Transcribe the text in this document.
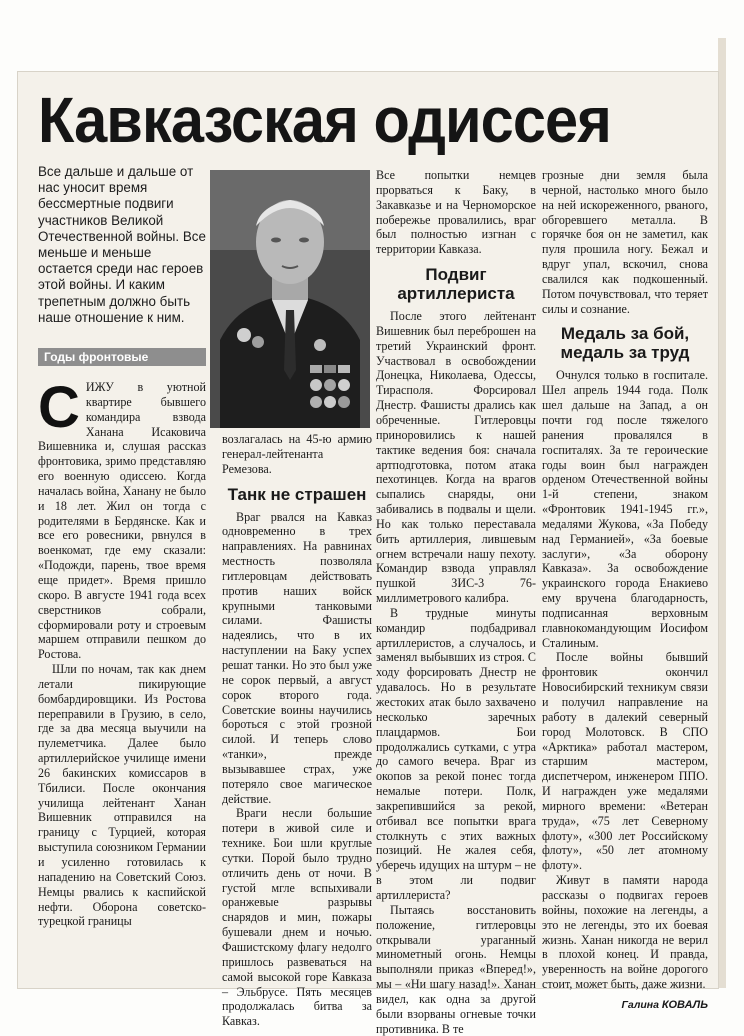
Кавказская одиссея

Все дальше и дальше от нас уносит время бессмертные подвиги участников Великой Отечественной войны. Все меньше и меньше остается среди нас героев этой войны. И каким трепетным должно быть наше отношение к ним.

Годы фронтовые
С ИЖУ в уютной квартире бывшего командира взвода Ханана Исаковича Вишевника и, слушая рассказ фронтовика, зримо представляю его военную одиссею. Когда началась война, Ханану не было и 18 лет. Жил он тогда с родителями в Бердянске. Как и все его ровесники, рвнулся в военкомат, где ему сказали: «Подожди, парень, твое время еще придет». Время пришло скоро. В августе 1941 года всех сверстников собрали, сформировали роту и строевым маршем отправили пешком до Ростова.

Шли по ночам, так как днем летали пикирующие бомбардировщики. Из Ростова переправили в Грузию, в село, где за два месяца выучили на пулеметчика. Далее было артиллерийское училище имени 26 бакинских комиссаров в Тбилиси. После окончания училища лейтенант Ханан Вишевник отправился на границу с Турцией, которая выступила союзником Германии и усиленно готовилась к нападению на Советский Союз. Немцы рвались к каспийской нефти. Оборона советско-турецкой границы

возлагалась на 45-ю армию генерал-лейтенанта Ремезова.

Танк не страшен

Враг рвался на Кавказ одновременно в трех направлениях. На равнинах местность позволяла гитлеровцам действовать против наших войск крупными танковыми силами. Фашисты надеялись, что в их наступлении на Баку успех решат танки. Но это был уже не сорок первый, а август сорок второго года. Советские воины научились бороться с этой грозной силой. И теперь слово «танки», прежде вызывавшее страх, уже потеряло свое магическое действие.

Враги несли большие потери в живой силе и технике. Бои шли круглые сутки. Порой было трудно отличить день от ночи. В густой мгле вспыхивали оранжевые разрывы снарядов и мин, пожары бушевали днем и ночью. Фашистскому флагу недолго пришлось развеваться на самой высокой горе Кавказа – Эльбрусе. Пять месяцев продолжалась битва за Кавказ.

Все попытки немцев прорваться к Баку, в Закавказье и на Черноморское побережье провалились, враг был полностью изгнан с территории Кавказа.

Подвиг артиллериста

После этого лейтенант Вишевник был переброшен на третий Украинский фронт. Участвовал в освобождении Донецка, Николаева, Одессы, Тирасполя. Форсировал Днестр. Фашисты дрались как обреченные. Гитлеровцы приноровились к нашей тактике ведения боя: сначала артподготовка, потом атака пехотинцев. Когда на врагов сыпались снаряды, они забивались в подвалы и щели. Но как только переставала бить артиллерия, лившевым огнем встречали нашу пехоту. Командир взвода управлял пушкой ЗИС-3 76-миллиметрового калибра.

В трудные минуты командир подбадривал артиллеристов, а случалось, и заменял выбывших из строя. С ходу форсировать Днестр не удавалось. Но в результате жестоких атак было захвачено несколько заречных плацдармов. Бои продолжались сутками, с утра до самого вечера. Враг из окопов за рекой понес тогда немалые потери. Полк, закрепившийся за рекой, отбивал все попытки врага столкнуть с этих важных позиций. Не жалея себя, уберечь идущих на штурм – не в этом ли подвиг артиллериста?

Пытаясь восстановить положение, гитлеровцы открывали ураганный минометный огонь. Немцы выполняли приказ «Вперед!», мы – «Ни шагу назад!». Ханан видел, как одна за другой были взорваны огневые точки противника. В те

грозные дни земля была черной, настолько много было на ней искореженного, рваного, обгоревшего металла. В горячке боя он не заметил, как пуля прошила ногу. Бежал и вдруг упал, вскочил, снова свалился как подкошенный. Потом почувствовал, что теряет силы и сознание.

Медаль за бой, медаль за труд

Очнулся только в госпитале. Шел апрель 1944 года. Полк шел дальше на Запад, а он почти год после тяжелого ранения провалялся в госпиталях. За те героические годы воин был награжден орденом Отечественной войны 1-й степени, знаком «Фронтовик 1941-1945 гг.», медалями Жукова, «За Победу над Германией», «За боевые заслуги», «За оборону Кавказа». За освобождение украинского города Енакиево ему вручена благодарность, подписанная верховным главнокомандующим Иосифом Сталиным.

После войны бывший фронтовик окончил Новосибирский техникум связи и получил направление на работу в далекий северный город Молотовск. В СПО «Арктика» работал мастером, старшим мастером, диспетчером, инженером ППО. И награжден уже медалями мирного времени: «Ветеран труда», «75 лет Северному флоту», «300 лет Российскому флоту», «50 лет атомному флоту».

Живут в памяти народа рассказы о подвигах героев войны, похожие на легенды, а это не легенды, это их боевая жизнь. Ханан никогда не верил в плохой конец. И правда, уверенность на войне дорогого стоит, может быть, даже жизни.

Галина КОВАЛЬ
